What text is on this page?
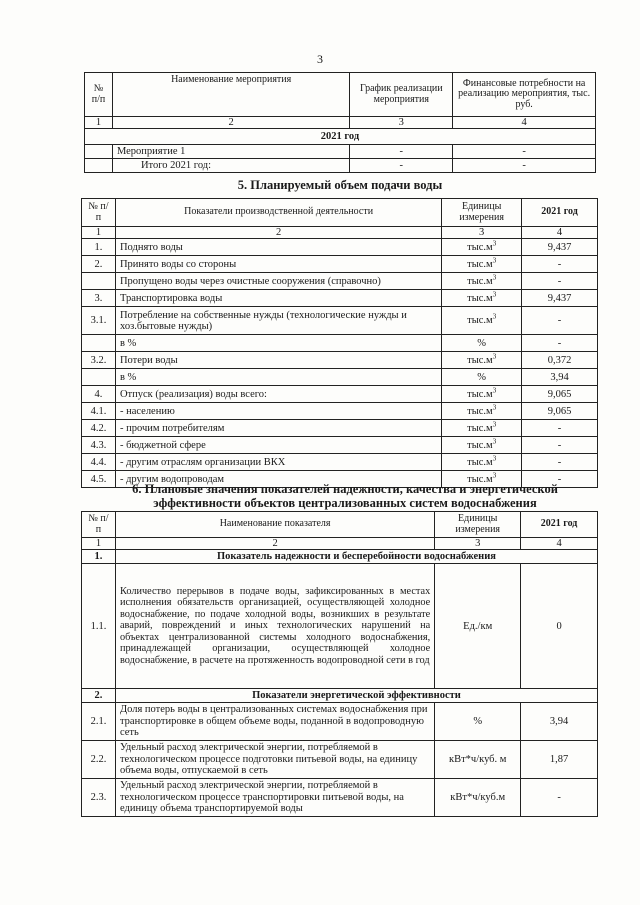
3
№ п/п	Наименование мероприятия	График реализации мероприятия	Финансовые потребности на реализацию мероприятия, тыс. руб.
1	2	3	4
2021 год			
	Мероприятие 1	-	-
	Итого 2021 год:	-	-
5. Планируемый объем подачи воды
№ п/п	Показатели производственной деятельности	Единицы измерения	2021 год
1	2	3	4
1.	Поднято воды	$тыс.м^3$	9,437
2.	Принято воды со стороны	$тыс.м^3$	-
	Пропущено воды через очистные сооружения (справочно)	$тыс.м^3$	-
3.	Транспортировка воды	$тыс.м^3$	9,437
3.1.	Потребление на собственные нужды (технологические нужды и хоз.бытовые нужды)	$тыс.м^3$	-
	в %	%	-
3.2.	Потери воды	$тыс.м^3$	0,372
	в %	%	3,94
4.	Отпуск (реализация) воды всего:	$тыс.м^3$	9,065
4.1.	- населению	$тыс.м^3$	9,065
4.2.	- прочим потребителям	$тыс.м^3$	-
4.3.	- бюджетной сфере	$тыс.м^3$	-
4.4.	- другим отраслям организации ВКХ	$тыс.м^3$	-
4.5.	- другим водопроводам	$тыс.м^3$	-
6. Плановые значения показателей надежности, качества и энергетической
эффективности объектов централизованных систем водоснабжения
№ п/п	Наименование показателя	Единицы измерения	2021 год
1	2	3	4
1.	Показатель надежности и бесперебойности водоснабжения		
1.1.	Количество перерывов в подаче воды, зафиксированных в местах исполнения обязательств организацией, осуществляющей холодное водоснабжение, по подаче холодной воды, возникших в результате аварий, повреждений и иных технологических нарушений на объектах централизованной системы холодного водоснабжения, принадлежащей организации, осуществляющей холодное водоснабжение, в расчете на протяженность водопроводной сети в год	Ед./км	0
2.	Показатели энергетической эффективности		
2.1.	Доля потерь воды в централизованных системах водоснабжения при транспортировке в общем объеме воды, поданной в водопроводную сеть	%	3,94
2.2.	Удельный расход электрической энергии, потребляемой в технологическом процессе подготовки питьевой воды, на единицу объема воды, отпускаемой в сеть	кВт*ч/куб. м	1,87
2.3.	Удельный расход электрической энергии, потребляемой в технологическом процессе транспортировки питьевой воды, на единицу объема транспортируемой воды	кВт*ч/куб.м	-
